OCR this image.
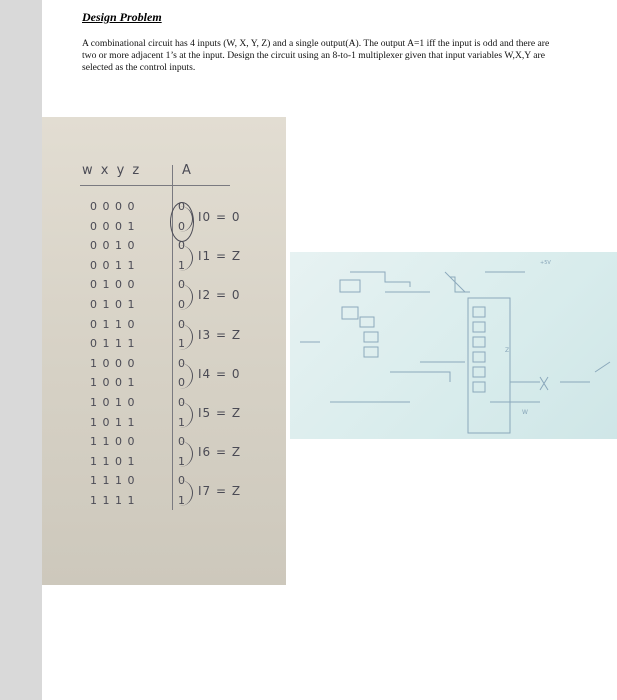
Design Problem
A combinational circuit has 4 inputs (W, X, Y, Z) and a single output(A). The output A=1 iff the input is odd and there are two or more adjacent 1’s at the input. Design the circuit using an 8-to-1 multiplexer given that input variables W,X,Y are selected as the control inputs.
w x y z	A
0 0 0 0	0
0 0 0 1	0
0 0 1 0	0
0 0 1 1	1
0 1 0 0	0
0 1 0 1	0
0 1 1 0	0
0 1 1 1	1
1 0 0 0	0
1 0 0 1	0
1 0 1 0	0
1 0 1 1	1
1 1 0 0	0
1 1 0 1	1
1 1 1 0	0
1 1 1 1	1
I0 = 0
I1 = Z
I2 = 0
I3 = Z
I4 = 0
I5 = Z
I6 = Z
I7 = Z
Z
+5V
W
